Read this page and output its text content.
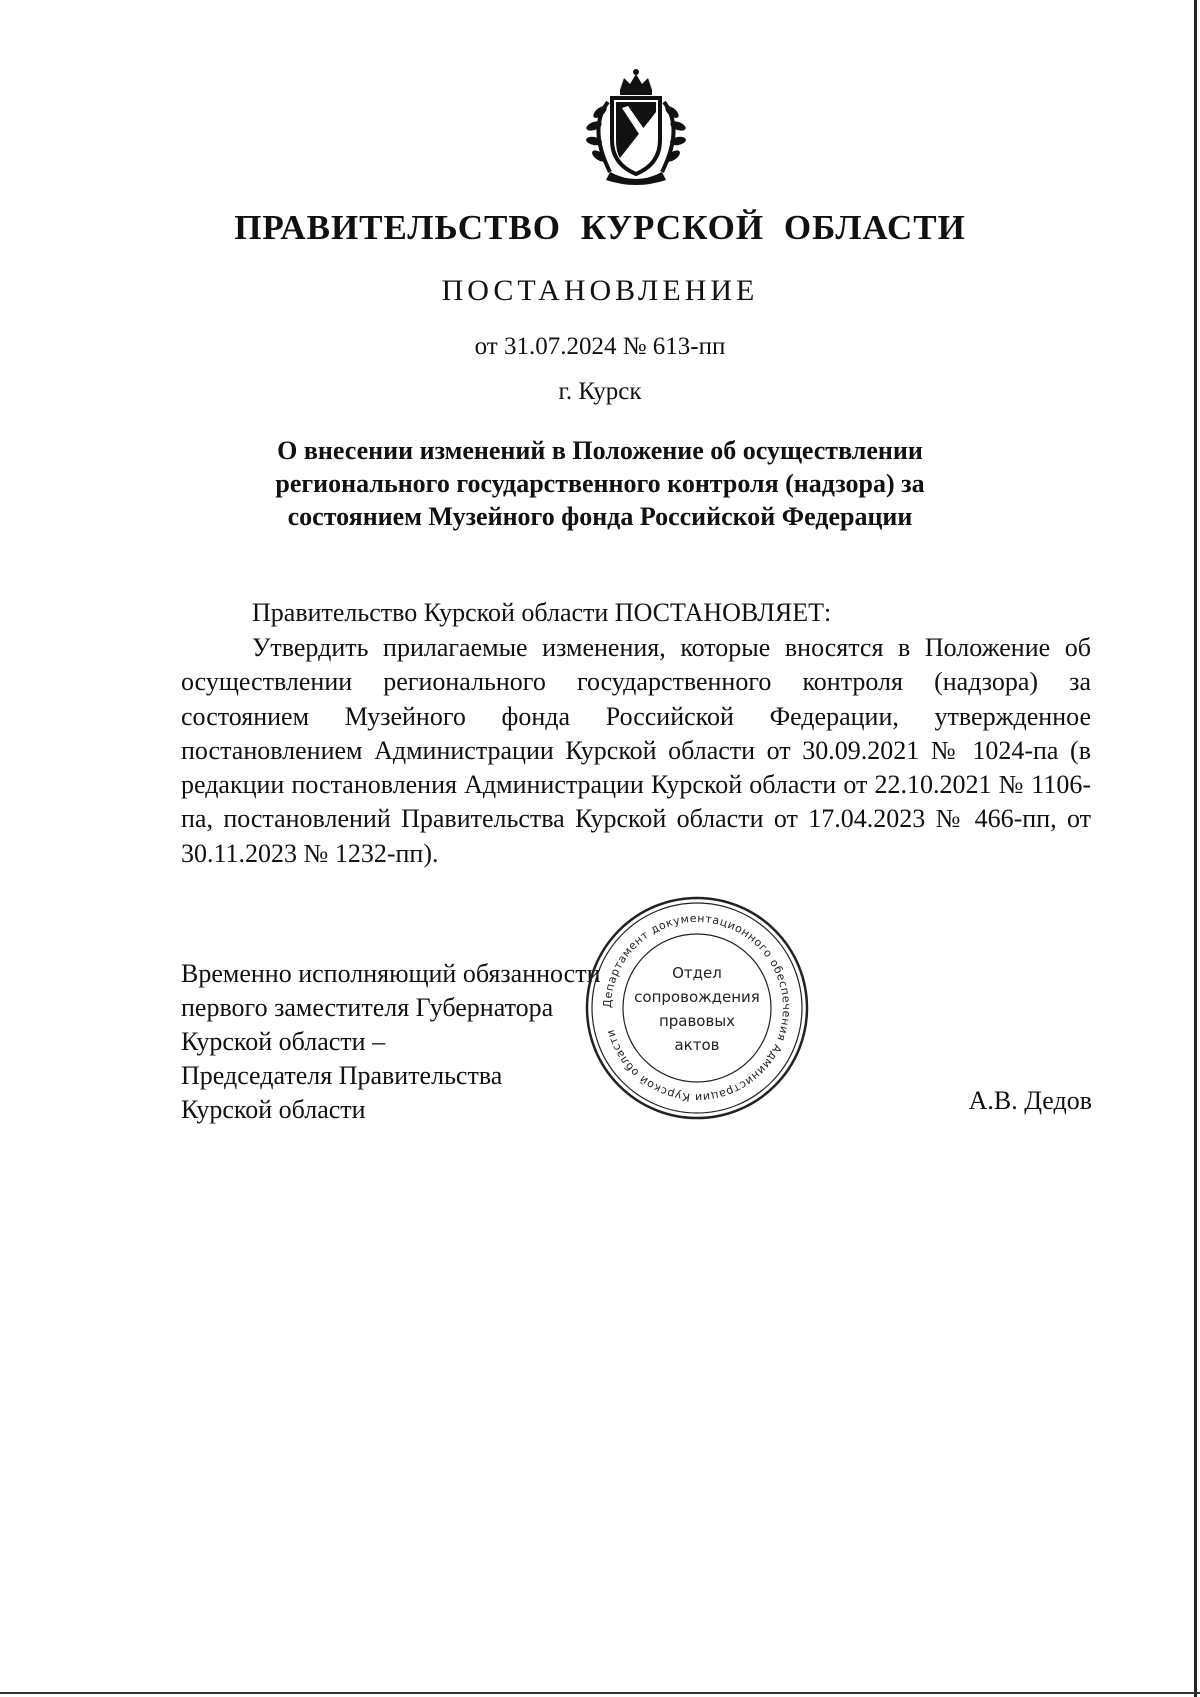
ПРАВИТЕЛЬСТВО КУРСКОЙ ОБЛАСТИ
ПОСТАНОВЛЕНИЕ
от 31.07.2024 № 613-пп
г. Курск
О внесении изменений в Положение об осуществлении
регионального государственного контроля (надзора) за
состоянием Музейного фонда Российской Федерации
Правительство Курской области ПОСТАНОВЛЯЕТ:
Утвердить прилагаемые изменения, которые вносятся в Положение об осуществлении регионального государственного контроля (надзора) за состоянием Музейного фонда Российской Федерации, утвержденное постановлением Администрации Курской области от 30.09.2021 № 1024-па (в редакции постановления Администрации Курской области от 22.10.2021 № 1106-па, постановлений Правительства Курской области от 17.04.2023 № 466-пп, от 30.11.2023 № 1232-пп).
Временно исполняющий обязанности
первого заместителя Губернатора
Курской области –
Председателя Правительства
Курской области	А.В. Дедов
Департамент документационного обеспечения Администрации Курской области
Отдел
сопровождения
правовых
актов
